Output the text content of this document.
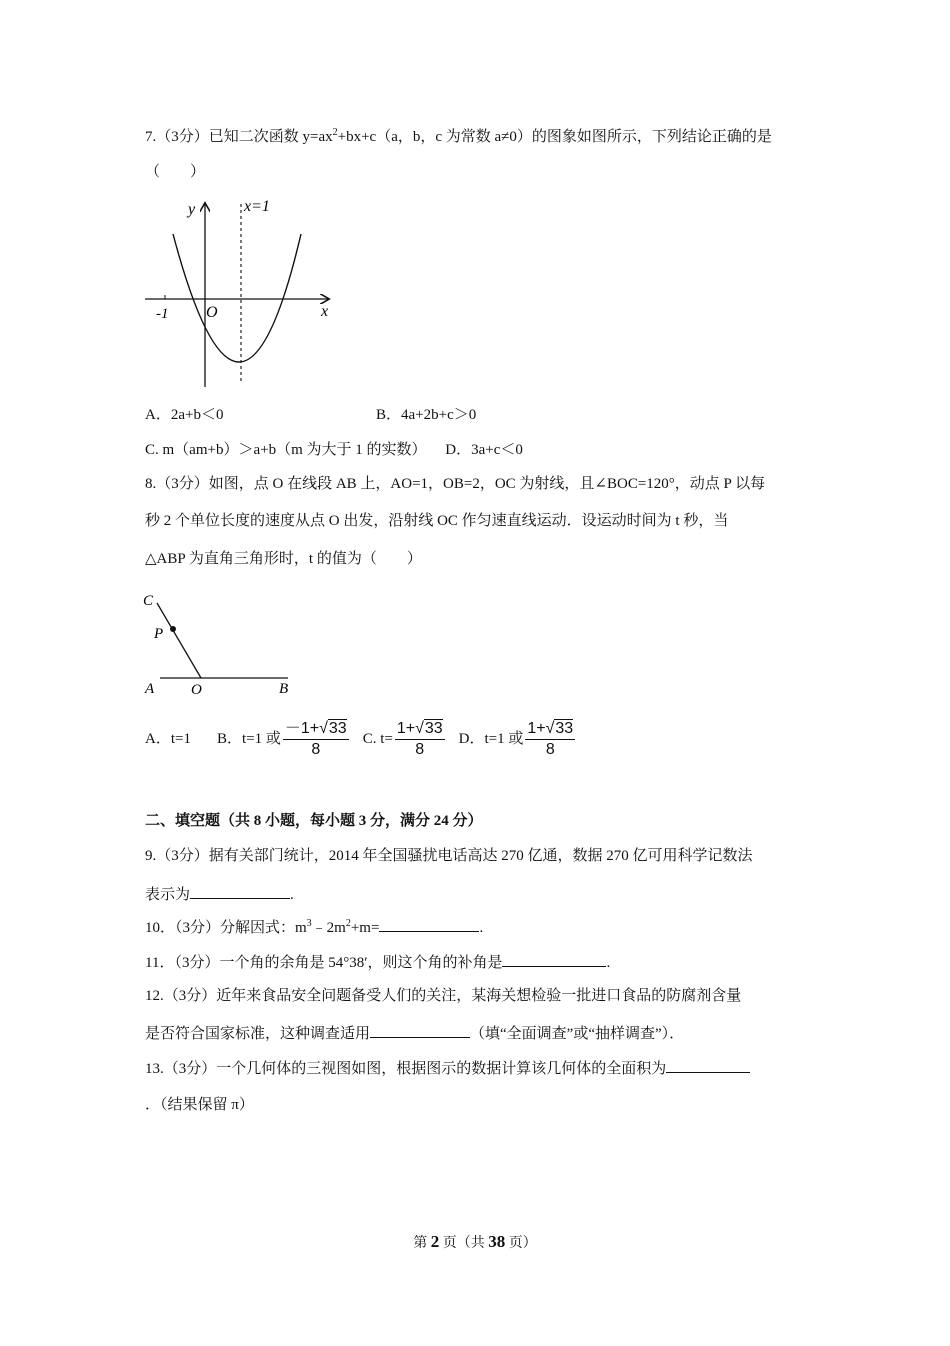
7.（3分）已知二次函数 $y=ax^2+bx+c(a$，b，c 为常数 a≠0）的图象如图所示，下列结论正确的是
（　　）
y
x
O
-1
x=1
A．2a+b＜0	B．4a+2b+c＞0
C. m（am+b）＞a+b（m 为大于 1 的实数） D．3a+c＜0
8.（3分）如图，点 O 在线段 AB 上，AO=1，OB=2，OC 为射线，且∠BOC=120°，动点 P 以每
秒 2 个单位长度的速度从点 O 出发，沿射线 OC 作匀速直线运动．设运动时间为 t 秒，当
△ABP 为直角三角形时，t 的值为（　　）
C
P
A O	B
A．t=1 B．t=1 或 $\frac{-1+√33}{8} C$. $t= \frac{1+√33}{8}$ D．t=1 或 $\frac{1+√33}{8}$
二、填空题（共 8 小题，每小题 3 分，满分 24 分）
9.（3分）据有关部门统计，2014 年全国骚扰电话高达 270 亿通，数据 270 亿可用科学记数法
表示为	.
10．（3分）分解因式：$m^3﹣2m^2+m=$	.
11．（3分）一个角的余角是 54°38′，则这个角的补角是	.
12.（3分）近年来食品安全问题备受人们的关注，某海关想检验一批进口食品的防腐剂含量
是否符合国家标准，这种调查适用	（填“全面调查”或“抽样调查”）．
13.（3分）一个几何体的三视图如图，根据图示的数据计算该几何体的全面积为
．（结果保留 π）
第 2 页（共 38 页）
